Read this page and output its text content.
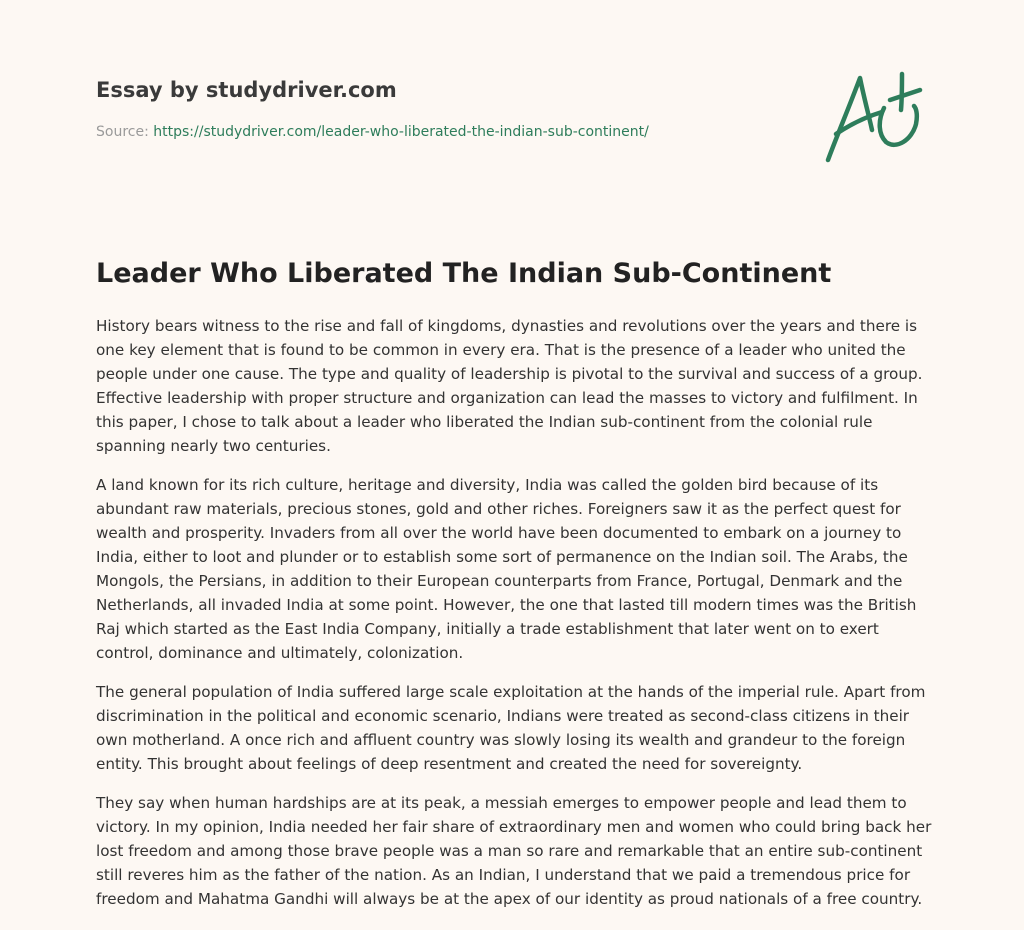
Essay by studydriver.com
Source: https://studydriver.com/leader-who-liberated-the-indian-sub-continent/
Leader Who Liberated The Indian Sub-Continent

History bears witness to the rise and fall of kingdoms, dynasties and revolutions over the years and there is one key element that is found to be common in every era. That is the presence of a leader who united the people under one cause. The type and quality of leadership is pivotal to the survival and success of a group. Effective leadership with proper structure and organization can lead the masses to victory and fulfilment. In this paper, I chose to talk about a leader who liberated the Indian sub-continent from the colonial rule spanning nearly two centuries.

A land known for its rich culture, heritage and diversity, India was called the golden bird because of its abundant raw materials, precious stones, gold and other riches. Foreigners saw it as the perfect quest for wealth and prosperity. Invaders from all over the world have been documented to embark on a journey to India, either to loot and plunder or to establish some sort of permanence on the Indian soil. The Arabs, the Mongols, the Persians, in addition to their European counterparts from France, Portugal, Denmark and the Netherlands, all invaded India at some point. However, the one that lasted till modern times was the British Raj which started as the East India Company, initially a trade establishment that later went on to exert control, dominance and ultimately, colonization.

The general population of India suffered large scale exploitation at the hands of the imperial rule. Apart from discrimination in the political and economic scenario, Indians were treated as second-class citizens in their own motherland. A once rich and affluent country was slowly losing its wealth and grandeur to the foreign entity. This brought about feelings of deep resentment and created the need for sovereignty.

They say when human hardships are at its peak, a messiah emerges to empower people and lead them to victory. In my opinion, India needed her fair share of extraordinary men and women who could bring back her lost freedom and among those brave people was a man so rare and remarkable that an entire sub-continent still reveres him as the father of the nation. As an Indian, I understand that we paid a tremendous price for freedom and Mahatma Gandhi will always be at the apex of our identity as proud nationals of a free country.
